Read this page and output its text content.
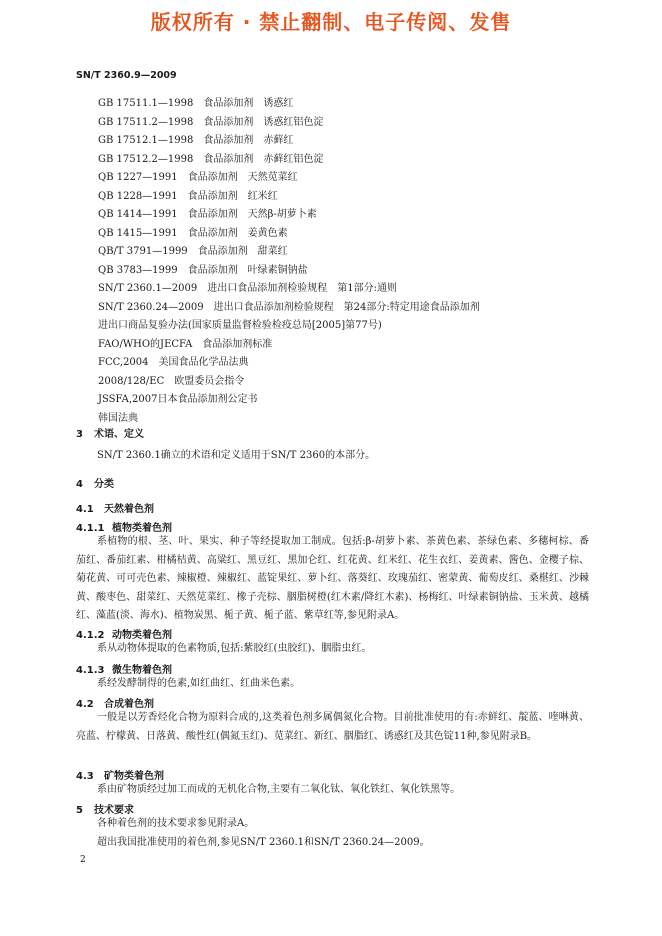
版权所有 · 禁止翻制、电子传阅、发售
SN/T 2360.9—2009
GB 17511.1—1998　食品添加剂　诱惑红
GB 17511.2—1998　食品添加剂　诱惑红铝色淀
GB 17512.1—1998　食品添加剂　赤藓红
GB 17512.2—1998　食品添加剂　赤藓红铝色淀
QB 1227—1991　食品添加剂　天然苋菜红
QB 1228—1991　食品添加剂　红米红
QB 1414—1991　食品添加剂　天然β-胡萝卜素
QB 1415—1991　食品添加剂　姜黄色素
QB/T 3791—1999　食品添加剂　甜菜红
QB 3783—1999　食品添加剂　叶绿素铜钠盐
SN/T 2360.1—2009　进出口食品添加剂检验规程　第1部分:通则
SN/T 2360.24—2009　进出口食品添加剂检验规程　第24部分:特定用途食品添加剂
进出口商品复验办法(国家质量监督检验检疫总局[2005]第77号)
FAO/WHO的JECFA　食品添加剂标准
FCC,2004　美国食品化学品法典
2008/128/EC　欧盟委员会指令
JSSFA,2007日本食品添加剂公定书
韩国法典
3 术语、定义
SN/T 2360.1确立的术语和定义适用于SN/T 2360的本部分。
4 分类
4.1 天然着色剂
4.1.1 植物类着色剂
系植物的根、茎、叶、果实、种子等经提取加工制成。包括:β-胡萝卜素、茶黄色素、茶绿色素、多穗柯棕、番茄红、番茄红素、柑橘桔黄、高粱红、黑豆红、黑加仑红、红花黄、红米红、花生衣红、姜黄素、酱色、金樱子棕、菊花黄、可可壳色素、辣椒橙、辣椒红、蓝锭果红、萝卜红、落葵红、玫瑰茄红、密蒙黄、葡萄皮红、桑椹红、沙棘黄、酸枣色、甜菜红、天然苋菜红、橡子壳棕、胭脂树橙(红木素/降红木素)、杨梅红、叶绿素铜钠盐、玉米黄、越橘红、藻蓝(淡、海水)、植物炭黑、栀子黄、栀子蓝、紫草红等,参见附录A。
4.1.2 动物类着色剂
系从动物体提取的色素物质,包括:紫胶红(虫胶红)、胭脂虫红。
4.1.3 微生物着色剂
系经发酵制得的色素,如红曲红、红曲米色素。
4.2 合成着色剂
一般是以芳香烃化合物为原料合成的,这类着色剂多属偶氮化合物。目前批准使用的有:赤鲜红、靛蓝、喹啉黄、亮蓝、柠檬黄、日落黄、酸性红(偶氮玉红)、苋菜红、新红、胭脂红、诱惑红及其色锭11种,参见附录B。
4.3 矿物类着色剂
系由矿物质经过加工而成的无机化合物,主要有二氧化钛、氧化铁红、氧化铁黑等。
5 技术要求
各种着色剂的技术要求参见附录A。
超出我国批准使用的着色剂,参见SN/T 2360.1和SN/T 2360.24—2009。
2
